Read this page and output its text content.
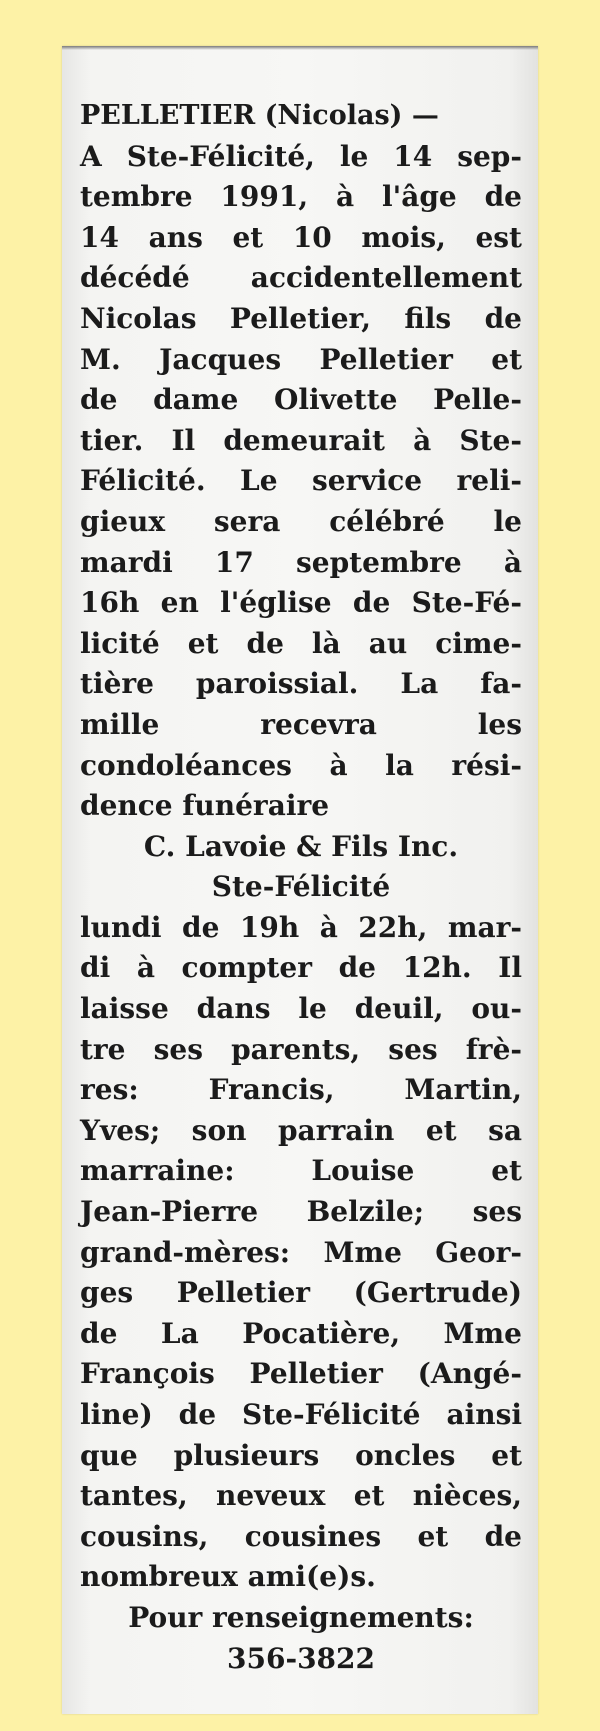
PELLETIER (Nicolas) —
A Ste-Félicité, le 14 sep-
tembre 1991, à l'âge de
14 ans et 10 mois, est
décédé accidentellement
Nicolas Pelletier, fils de
M. Jacques Pelletier et
de dame Olivette Pelle-
tier. Il demeurait à Ste-
Félicité. Le service reli-
gieux sera célébré le
mardi 17 septembre à
16h en l'église de Ste-Fé-
licité et de là au cime-
tière paroissial. La fa-
mille recevra les
condoléances à la rési-
dence funéraire
C. Lavoie & Fils Inc.
Ste-Félicité
lundi de 19h à 22h, mar-
di à compter de 12h. Il
laisse dans le deuil, ou-
tre ses parents, ses frè-
res: Francis, Martin,
Yves; son parrain et sa
marraine: Louise et
Jean-Pierre Belzile; ses
grand-mères: Mme Geor-
ges Pelletier (Gertrude)
de La Pocatière, Mme
François Pelletier (Angé-
line) de Ste-Félicité ainsi
que plusieurs oncles et
tantes, neveux et nièces,
cousins, cousines et de
nombreux ami(e)s.
Pour renseignements:
356-3822
